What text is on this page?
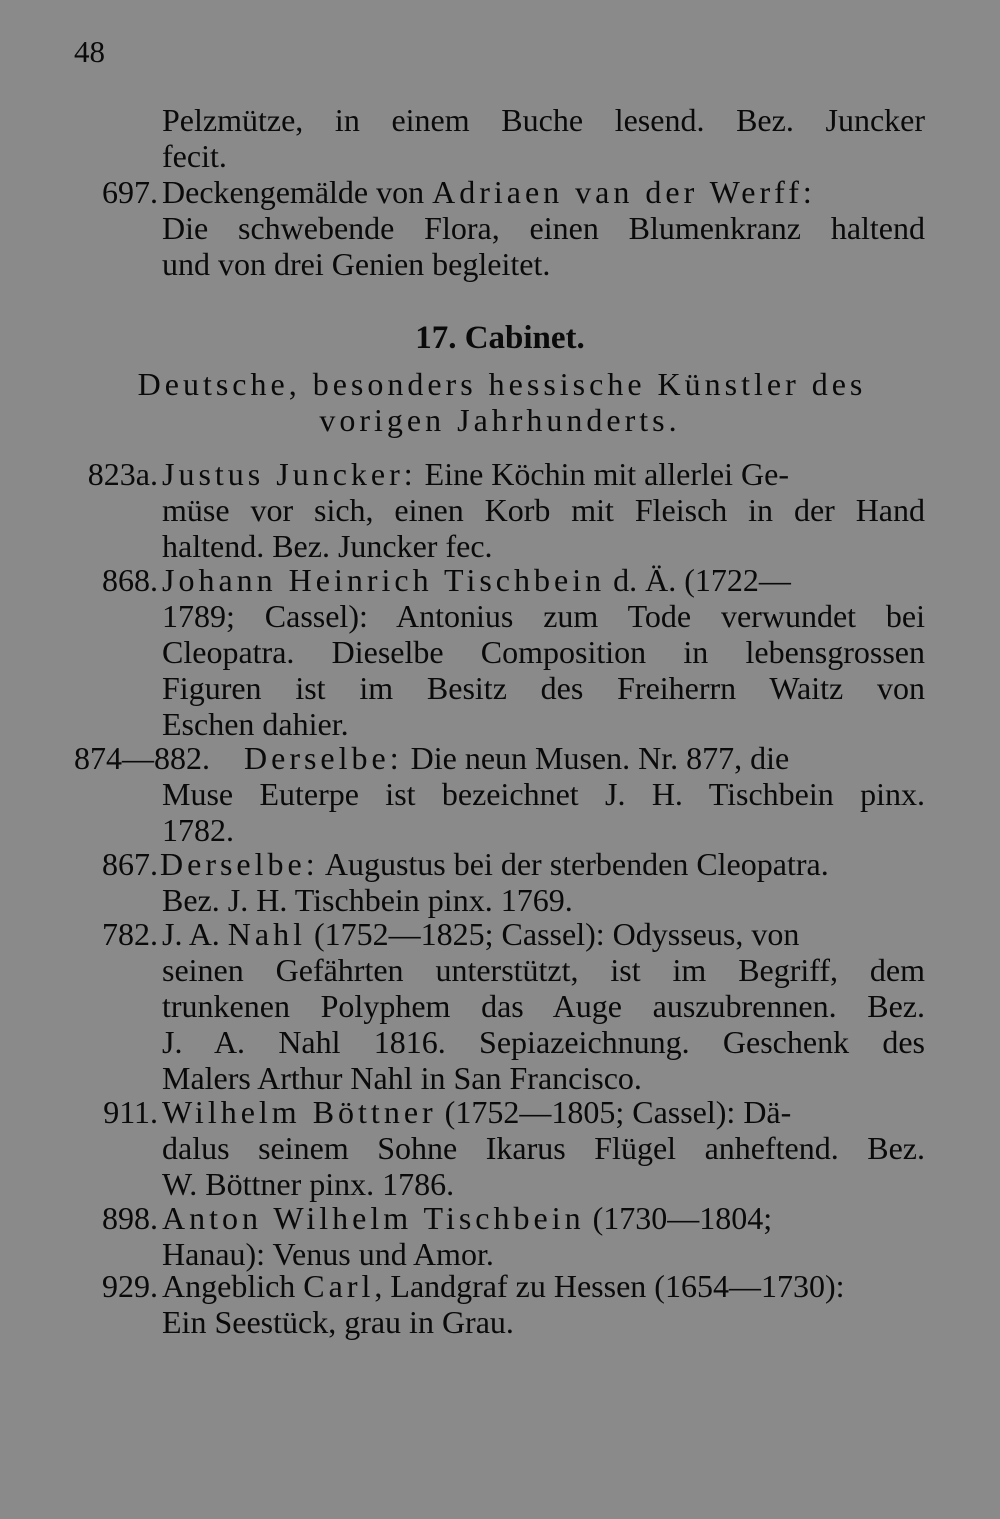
48
Pelzmütze, in einem Buche lesend. Bez. Juncker
fecit.
697. Deckengemälde von Adriaen van der Werff:
Die schwebende Flora, einen Blumenkranz haltend
und von drei Genien begleitet.
17. Cabinet.
Deutsche, besonders hessische Künstler des
vorigen Jahrhunderts.
823a. Justus Juncker: Eine Köchin mit allerlei Ge-
müse vor sich, einen Korb mit Fleisch in der Hand
haltend. Bez. Juncker fec.
868. Johann Heinrich Tischbein d. Ä. (1722—
1789; Cassel): Antonius zum Tode verwundet bei
Cleopatra. Dieselbe Composition in lebensgrossen
Figuren ist im Besitz des Freiherrn Waitz von
Eschen dahier.
874—882. Derselbe: Die neun Musen. Nr. 877, die
Muse Euterpe ist bezeichnet J. H. Tischbein pinx.
1782.
867. Derselbe: Augustus bei der sterbenden Cleopatra.
Bez. J. H. Tischbein pinx. 1769.
782. J. A. Nahl (1752—1825; Cassel): Odysseus, von
seinen Gefährten unterstützt, ist im Begriff, dem
trunkenen Polyphem das Auge auszubrennen. Bez.
J. A. Nahl 1816. Sepiazeichnung. Geschenk des
Malers Arthur Nahl in San Francisco.
911. Wilhelm Böttner (1752—1805; Cassel): Dä-
dalus seinem Sohne Ikarus Flügel anheftend. Bez.
W. Böttner pinx. 1786.
898. Anton Wilhelm Tischbein (1730—1804;
Hanau): Venus und Amor.
929. Angeblich Carl, Landgraf zu Hessen (1654—1730):
Ein Seestück, grau in Grau.
